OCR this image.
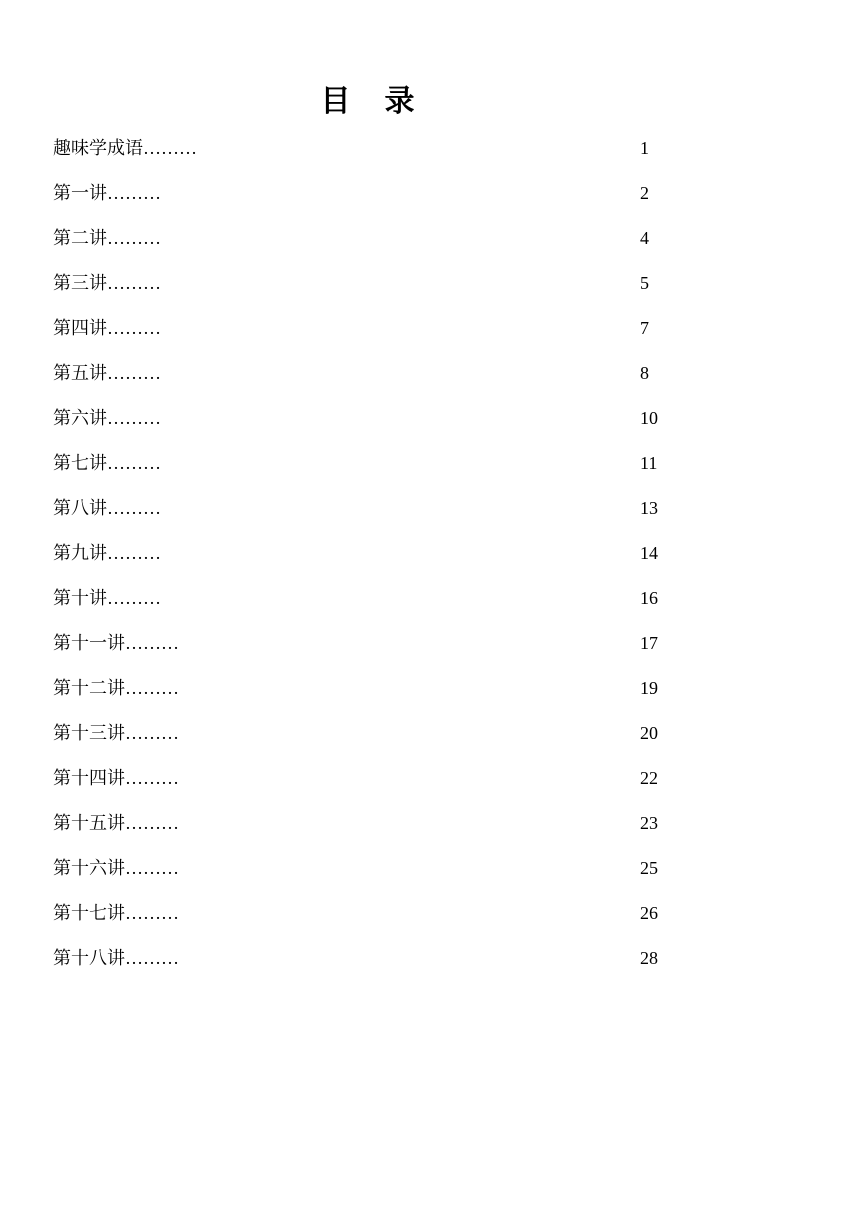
目 录
趣味学成语 ………	1
第一讲 ………	2
第二讲 ………	4
第三讲 ………	5
第四讲 ………	7
第五讲 ………	8
第六讲 ………	10
第七讲 ………	11
第八讲 ………	13
第九讲 ………	14
第十讲 ………	16
第十一讲 ………	17
第十二讲 ………	19
第十三讲 ………	20
第十四讲 ………	22
第十五讲 ………	23
第十六讲 ………	25
第十七讲 ………	26
第十八讲 ………	28
